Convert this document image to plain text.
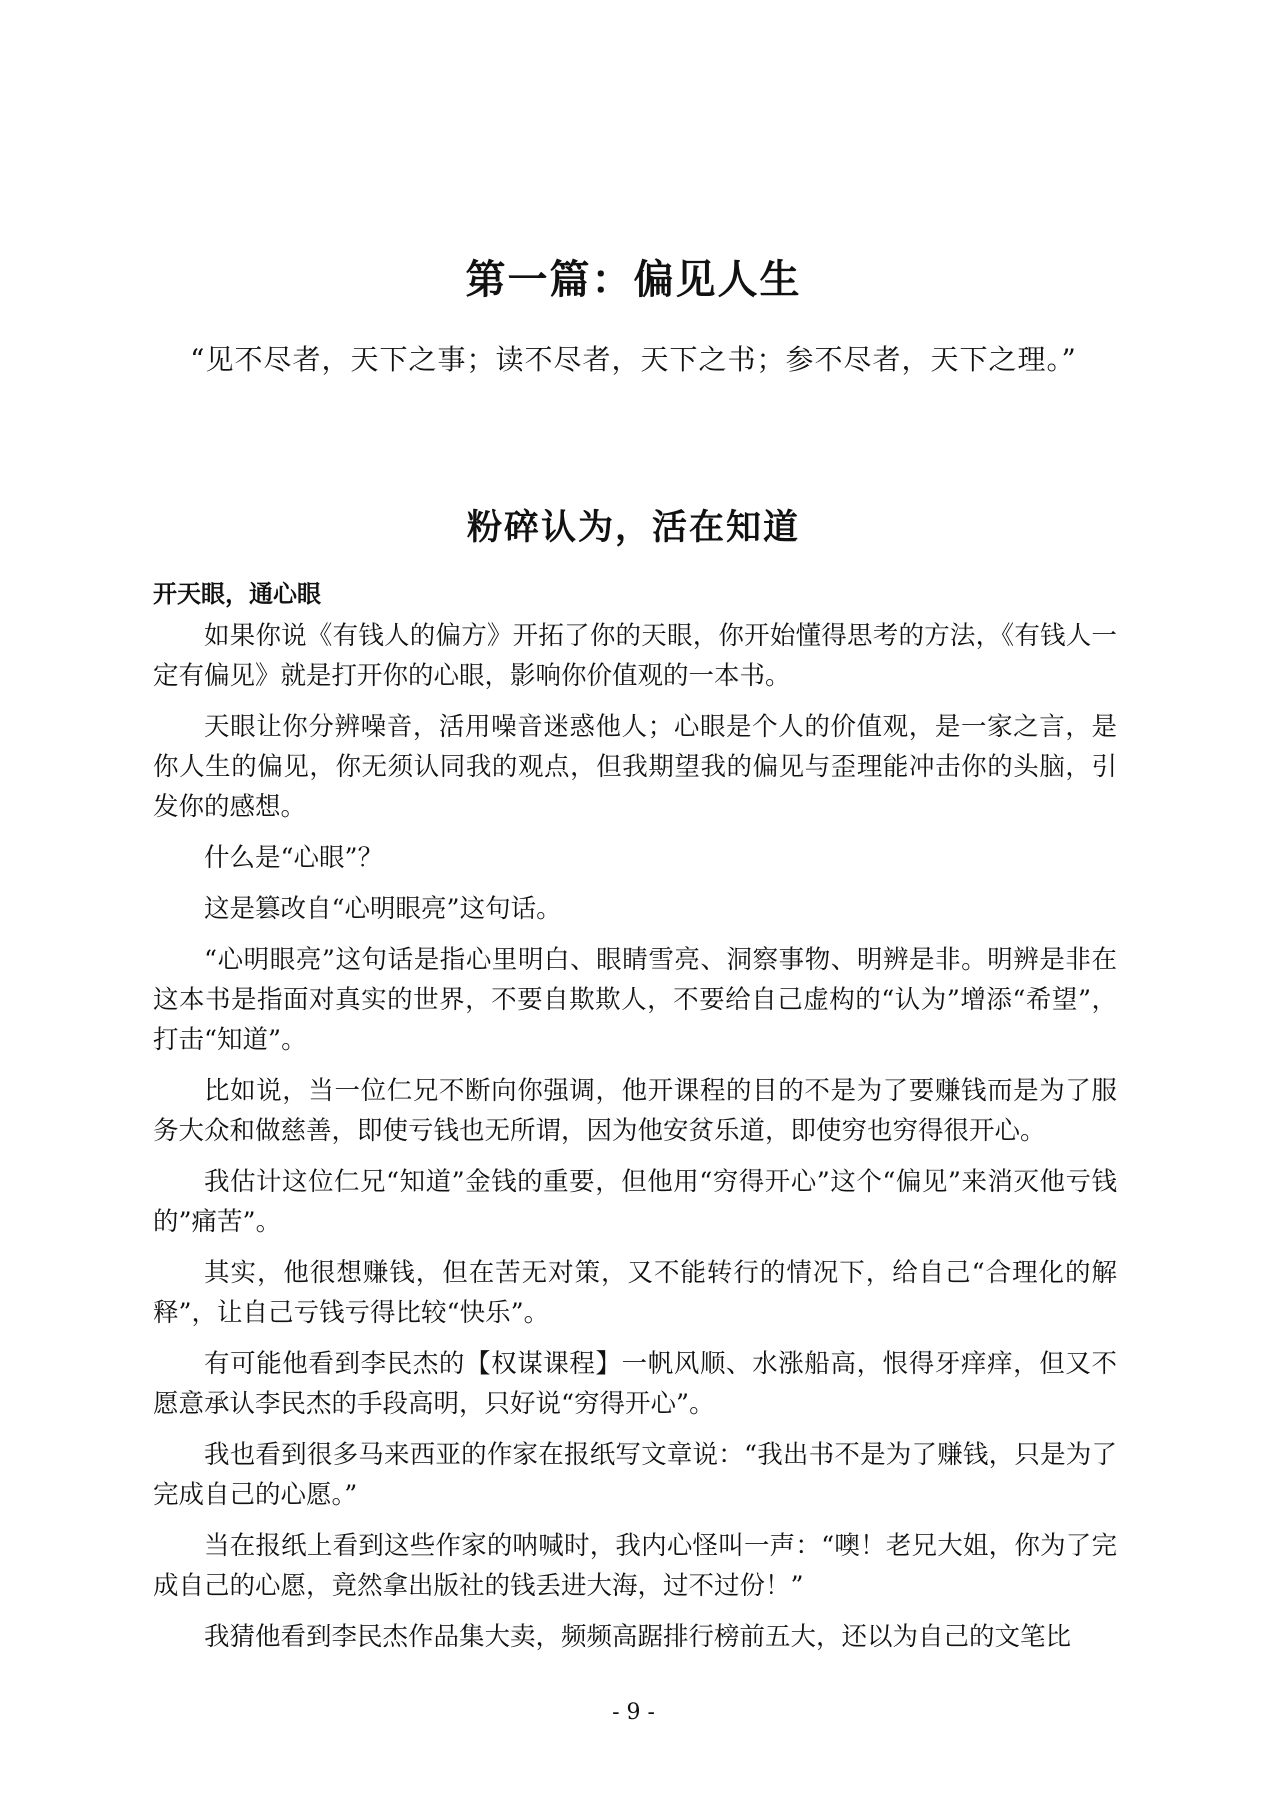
第一篇：偏见人生
“见不尽者，天下之事；读不尽者，天下之书；参不尽者，天下之理。”
粉碎认为，活在知道
开天眼，通心眼

如果你说《有钱人的偏方》开拓了你的天眼，你开始懂得思考的方法，《有钱人一定有偏见》就是打开你的心眼，影响你价值观的一本书。

天眼让你分辨噪音，活用噪音迷惑他人；心眼是个人的价值观，是一家之言，是你人生的偏见，你无须认同我的观点，但我期望我的偏见与歪理能冲击你的头脑，引发你的感想。

什么是“心眼”？

这是篡改自“心明眼亮”这句话。

“心明眼亮”这句话是指心里明白、眼睛雪亮、洞察事物、明辨是非。明辨是非在这本书是指面对真实的世界，不要自欺欺人，不要给自己虚构的“认为”增添“希望”，打击“知道”。

比如说，当一位仁兄不断向你强调，他开课程的目的不是为了要赚钱而是为了服务大众和做慈善，即使亏钱也无所谓，因为他安贫乐道，即使穷也穷得很开心。

我估计这位仁兄“知道”金钱的重要，但他用“穷得开心”这个“偏见”来消灭他亏钱的”痛苦”。

其实，他很想赚钱，但在苦无对策，又不能转行的情况下，给自己“合理化的解释”，让自己亏钱亏得比较“快乐”。

有可能他看到李民杰的【权谋课程】一帆风顺、水涨船高，恨得牙痒痒，但又不愿意承认李民杰的手段高明，只好说“穷得开心”。

我也看到很多马来西亚的作家在报纸写文章说：“我出书不是为了赚钱，只是为了完成自己的心愿。”

当在报纸上看到这些作家的呐喊时，我内心怪叫一声：“噢！老兄大姐，你为了完成自己的心愿，竟然拿出版社的钱丢进大海，过不过份！”

我猜他看到李民杰作品集大卖，频频高踞排行榜前五大，还以为自己的文笔比

- 9 -
